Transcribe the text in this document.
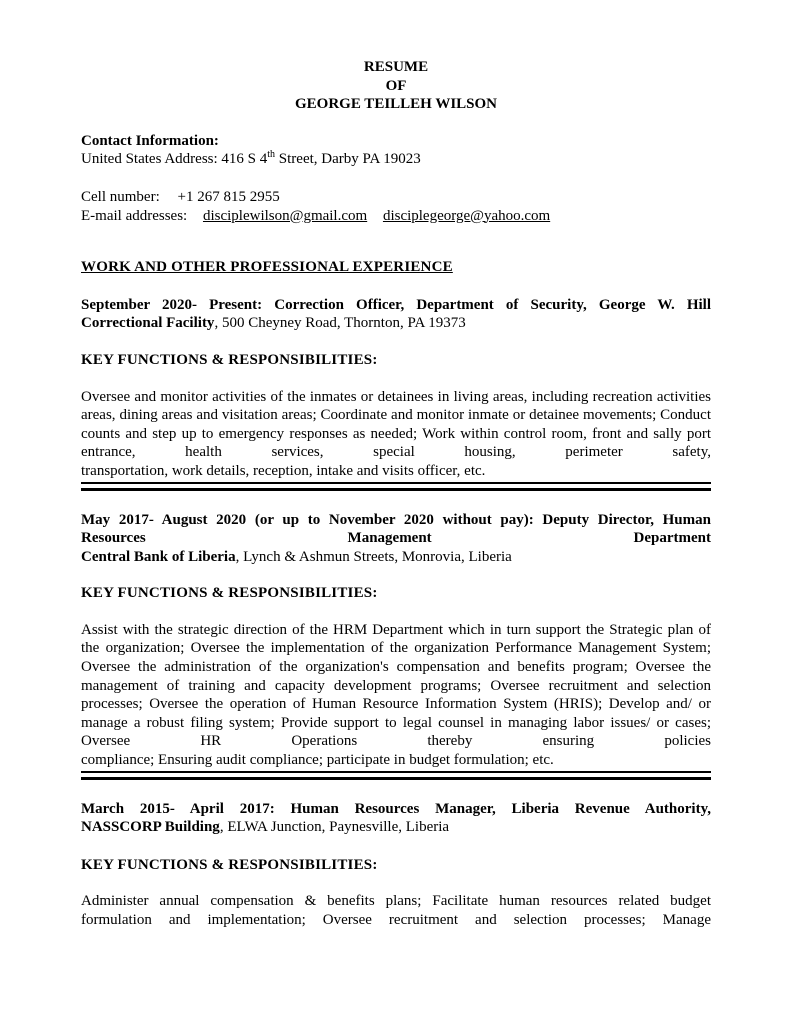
RESUME
OF
GEORGE TEILLEH WILSON
Contact Information:
United States Address: 416 S 4th Street, Darby PA 19023
Cell number: +1 267 815 2955
E-mail addresses: disciplewilson@gmail.com disciplegeorge@yahoo.com
WORK AND OTHER PROFESSIONAL EXPERIENCE
September 2020- Present: Correction Officer, Department of Security, George W. Hill
Correctional Facility, 500 Cheyney Road, Thornton, PA 19373
KEY FUNCTIONS & RESPONSIBILITIES:
Oversee and monitor activities of the inmates or detainees in living areas, including recreation activities areas, dining areas and visitation areas; Coordinate and monitor inmate or detainee movements; Conduct counts and step up to emergency responses as needed; Work within control room, front and sally port entrance, health services, special housing, perimeter safety,
transportation, work details, reception, intake and visits officer, etc.
May 2017- August 2020 (or up to November 2020 without pay): Deputy Director, Human
Resources	Management	Department
Central Bank of Liberia, Lynch & Ashmun Streets, Monrovia, Liberia
KEY FUNCTIONS & RESPONSIBILITIES:
Assist with the strategic direction of the HRM Department which in turn support the Strategic plan of the organization; Oversee the implementation of the organization Performance Management System; Oversee the administration of the organization's compensation and benefits program; Oversee the management of training and capacity development programs; Oversee recruitment and selection processes; Oversee the operation of Human Resource Information System (HRIS); Develop and/ or manage a robust filing system; Provide support to legal counsel in managing labor issues/ or cases; Oversee HR Operations thereby ensuring policies
compliance; Ensuring audit compliance; participate in budget formulation; etc.
March 2015- April 2017: Human Resources Manager, Liberia Revenue Authority,
NASSCORP Building, ELWA Junction, Paynesville, Liberia
KEY FUNCTIONS & RESPONSIBILITIES:
Administer annual compensation & benefits plans; Facilitate human resources related budget formulation and implementation; Oversee recruitment and selection processes; Manage
